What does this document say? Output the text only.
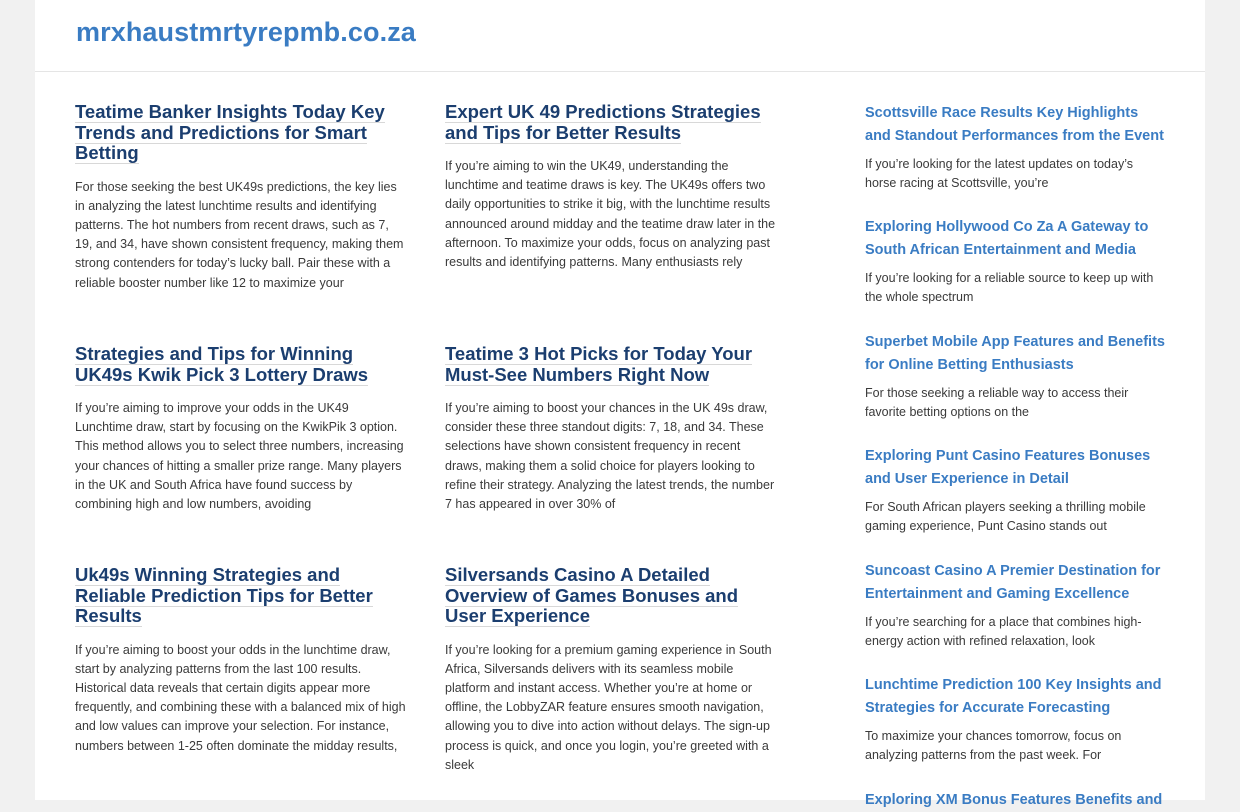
mrxhaustmrtyrepmb.co.za
Teatime Banker Insights Today Key Trends and Predictions for Smart Betting

For those seeking the best UK49s predictions, the key lies in analyzing the latest lunchtime results and identifying patterns. The hot numbers from recent draws, such as 7, 19, and 34, have shown consistent frequency, making them strong contenders for today’s lucky ball. Pair these with a reliable booster number like 12 to maximize your

Expert UK 49 Predictions Strategies and Tips for Better Results

If you’re aiming to win the UK49, understanding the lunchtime and teatime draws is key. The UK49s offers two daily opportunities to strike it big, with the lunchtime results announced around midday and the teatime draw later in the afternoon. To maximize your odds, focus on analyzing past results and identifying patterns. Many enthusiasts rely

Strategies and Tips for Winning UK49s Kwik Pick 3 Lottery Draws

If you’re aiming to improve your odds in the UK49 Lunchtime draw, start by focusing on the KwikPik 3 option. This method allows you to select three numbers, increasing your chances of hitting a smaller prize range. Many players in the UK and South Africa have found success by combining high and low numbers, avoiding

Teatime 3 Hot Picks for Today Your Must-See Numbers Right Now

If you’re aiming to boost your chances in the UK 49s draw, consider these three standout digits: 7, 18, and 34. These selections have shown consistent frequency in recent draws, making them a solid choice for players looking to refine their strategy. Analyzing the latest trends, the number 7 has appeared in over 30% of

Uk49s Winning Strategies and Reliable Prediction Tips for Better Results

If you’re aiming to boost your odds in the lunchtime draw, start by analyzing patterns from the last 100 results. Historical data reveals that certain digits appear more frequently, and combining these with a balanced mix of high and low values can improve your selection. For instance, numbers between 1-25 often dominate the midday results,

Silversands Casino A Detailed Overview of Games Bonuses and User Experience

If you’re looking for a premium gaming experience in South Africa, Silversands delivers with its seamless mobile platform and instant access. Whether you’re at home or offline, the LobbyZAR feature ensures smooth navigation, allowing you to dive into action without delays. The sign-up process is quick, and once you login, you’re greeted with a sleek

Scottsville Race Results Key Highlights and Standout Performances from the Event

If you’re looking for the latest updates on today’s horse racing at Scottsville, you’re

Exploring Hollywood Co Za A Gateway to South African Entertainment and Media

If you’re looking for a reliable source to keep up with the whole spectrum

Superbet Mobile App Features and Benefits for Online Betting Enthusiasts

For those seeking a reliable way to access their favorite betting options on the

Exploring Punt Casino Features Bonuses and User Experience in Detail

For South African players seeking a thrilling mobile gaming experience, Punt Casino stands out

Suncoast Casino A Premier Destination for Entertainment and Gaming Excellence

If you’re searching for a place that combines high-energy action with refined relaxation, look

Lunchtime Prediction 100 Key Insights and Strategies for Accurate Forecasting

To maximize your chances tomorrow, focus on analyzing patterns from the past week. For

Exploring XM Bonus Features Benefits and
